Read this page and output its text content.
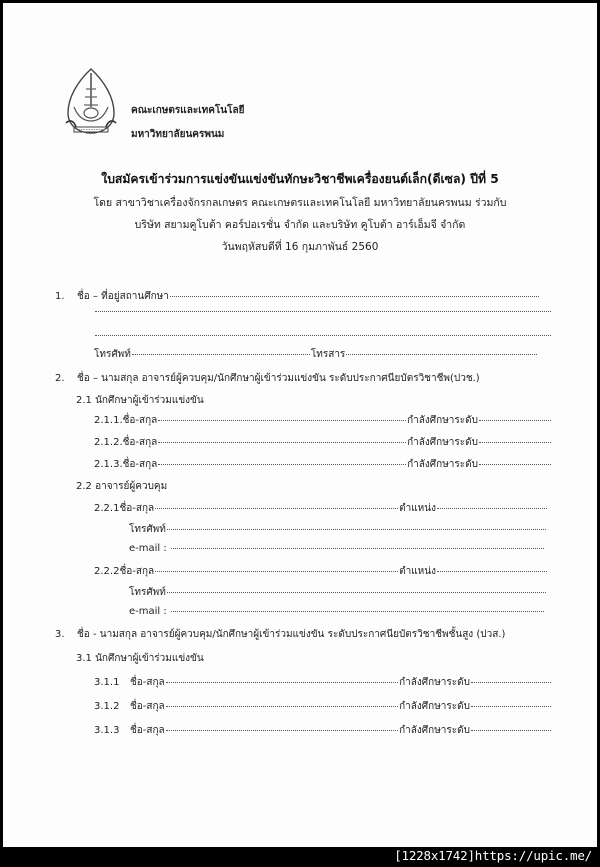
คณะเกษตรและเทคโนโลยี
มหาวิทยาลัยนครพนม
ใบสมัครเข้าร่วมการแข่งขันแข่งขันทักษะวิชาชีพเครื่องยนต์เล็ก(ดีเซล) ปีที่ 5
โดย สาขาวิชาเครื่องจักรกลเกษตร คณะเกษตรและเทคโนโลยี มหาวิทยาลัยนครพนม ร่วมกับ
บริษัท สยามคูโบต้า คอร์ปอเรชั่น จำกัด และบริษัท คูโบต้า อาร์เอ็มจี จำกัด
วันพฤหัสบดีที่ 16 กุมภาพันธ์ 2560
1.	ชื่อ – ที่อยู่สถานศึกษา
โทรศัพท์	โทรสาร
2.	ชื่อ – นามสกุล อาจารย์ผู้ควบคุม/นักศึกษาผู้เข้าร่วมแข่งขัน ระดับประกาศนียบัตรวิชาชีพ(ปวช.)
2.1 นักศึกษาผู้เข้าร่วมแข่งขัน
2.1.1.ชื่อ-สกุล	กำลังศึกษาระดับ
2.1.2.ชื่อ-สกุล	กำลังศึกษาระดับ
2.1.3.ชื่อ-สกุล	กำลังศึกษาระดับ
2.2 อาจารย์ผู้ควบคุม
2.2.1ชื่อ-สกุล	ตำแหน่ง
โทรศัพท์
e-mail :
2.2.2ชื่อ-สกุล	ตำแหน่ง
โทรศัพท์
e-mail :
3.	ชื่อ - นามสกุล อาจารย์ผู้ควบคุม/นักศึกษาผู้เข้าร่วมแข่งขัน ระดับประกาศนียบัตรวิชาชีพชั้นสูง (ปวส.)
3.1 นักศึกษาผู้เข้าร่วมแข่งขัน
3.1.1	ชื่อ-สกุล	กำลังศึกษาระดับ
3.1.2	ชื่อ-สกุล	กำลังศึกษาระดับ
3.1.3	ชื่อ-สกุล	กำลังศึกษาระดับ
[1228x1742]https://upic.me/
